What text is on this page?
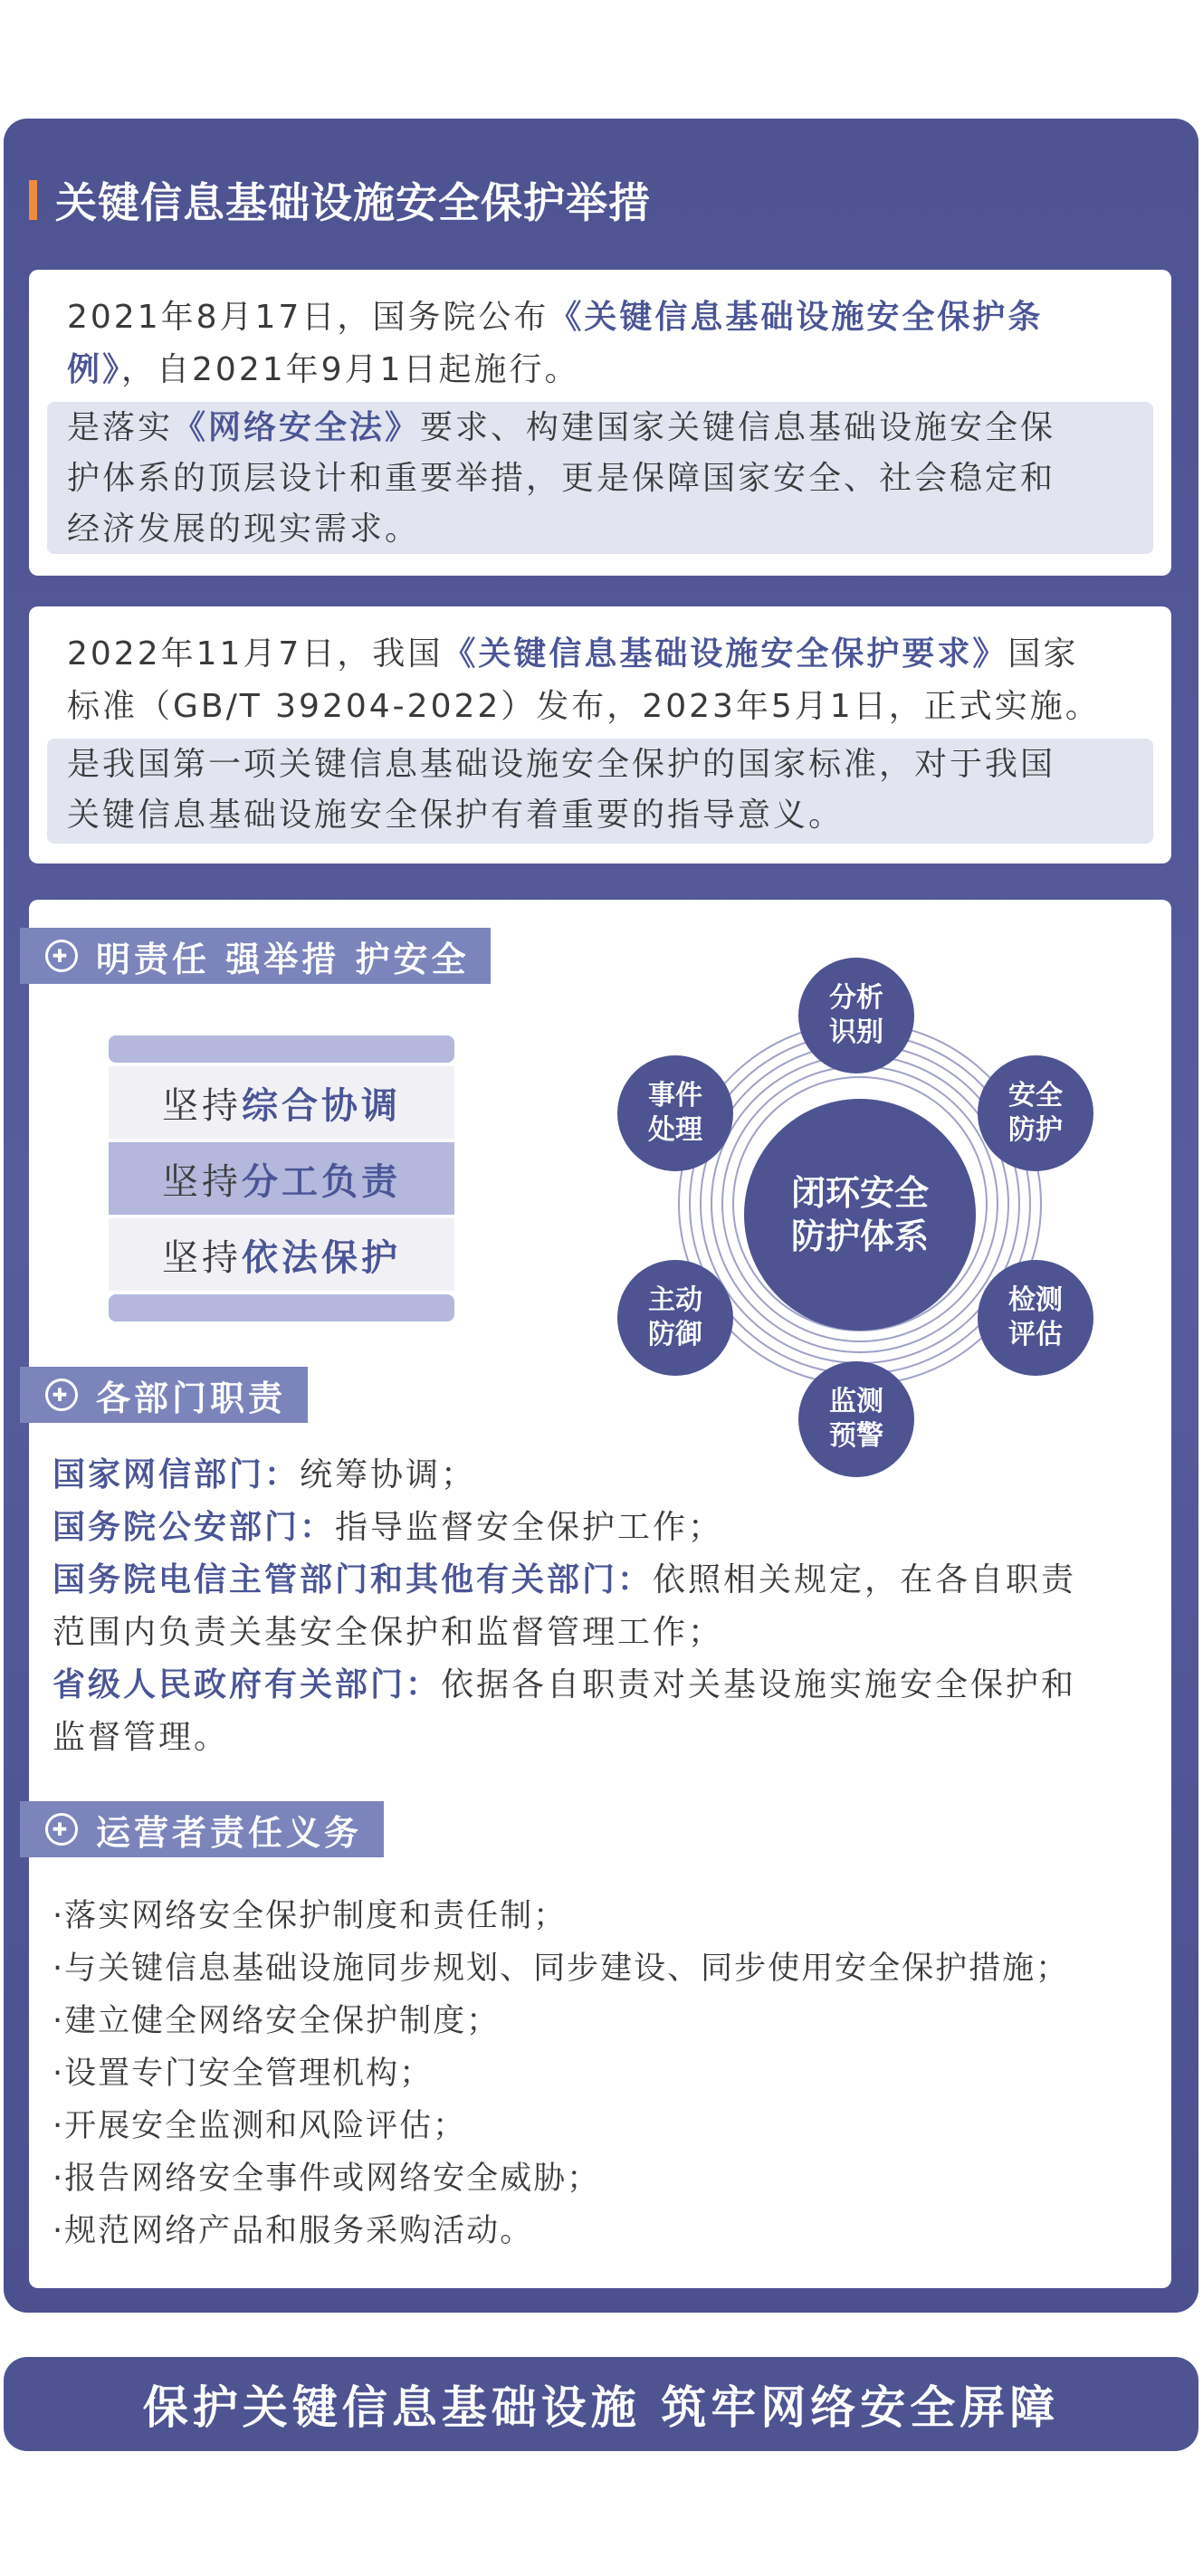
关键信息基础设施安全保护举措

2021年8月17日，国务院公布《关键信息基础设施安全保护条

例》，自2021年9月1日起施行。

是落实《网络安全法》要求、构建国家关键信息基础设施安全保

护体系的顶层设计和重要举措，更是保障国家安全、社会稳定和

经济发展的现实需求。

2022年11月7日，我国《关键信息基础设施安全保护要求》国家

标准（GB/T 39204-2022）发布，2023年5月1日，正式实施。

是我国第一项关键信息基础设施安全保护的国家标准，对于我国

关键信息基础设施安全保护有着重要的指导意义。

✚ 明责任 强举措 护安全
坚持 综合协调
坚持 分工负责
坚持 依法保护
闭环安全
防护体系
分析
识别
安全
防护
检测
评估
监测
预警
主动
防御
事件
处理
✚ 各部门职责

国家网信部门：统筹协调；

国务院公安部门：指导监督安全保护工作；

国务院电信主管部门和其他有关部门：依照相关规定，在各自职责

范围内负责关基安全保护和监督管理工作；

省级人民政府有关部门：依据各自职责对关基设施实施安全保护和

监督管理。

✚ 运营者责任义务

·落实网络安全保护制度和责任制；

·与关键信息基础设施同步规划、同步建设、同步使用安全保护措施；

·建立健全网络安全保护制度；

·设置专门安全管理机构；

·开展安全监测和风险评估；

·报告网络安全事件或网络安全威胁；

·规范网络产品和服务采购活动。

保护关键信息基础设施 筑牢网络安全屏障
